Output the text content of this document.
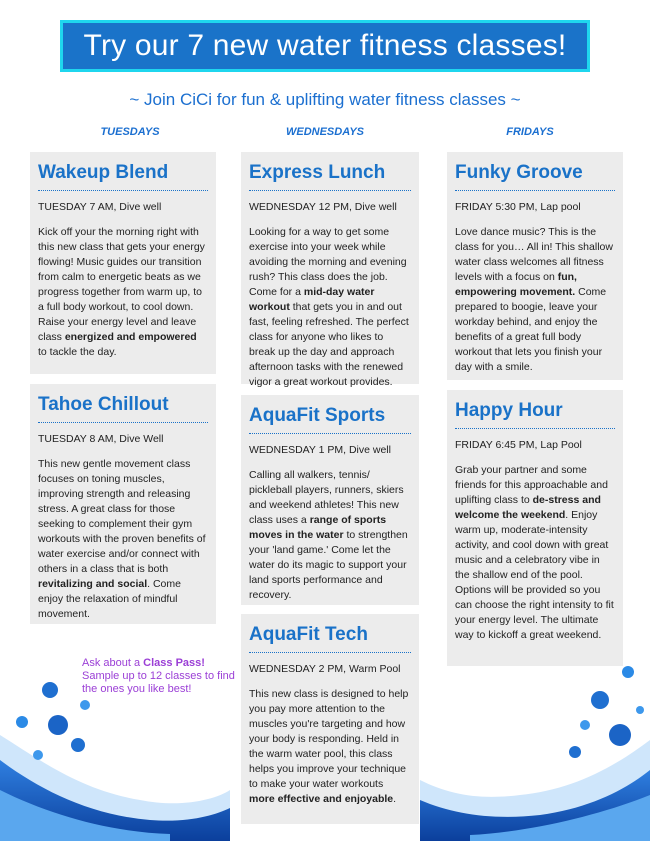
Try our 7 new water fitness classes!
~ Join CiCi for fun & uplifting water fitness classes ~
TUESDAYS	WEDNESDAYS	FRIDAYS
Wakeup Blend
TUESDAY 7 AM, Dive well
Kick off your the morning right with this new class that gets your energy flowing! Music guides our transition from calm to energetic beats as we progress together from warm up, to a full body workout, to cool down. Raise your energy level and leave class energized and empowered to tackle the day.
Tahoe Chillout
TUESDAY 8 AM, Dive Well
This new gentle movement class focuses on toning muscles, improving strength and releasing stress. A great class for those seeking to complement their gym workouts with the proven benefits of water exercise and/or connect with others in a class that is both revitalizing and social. Come enjoy the relaxation of mindful movement.
Express Lunch
WEDNESDAY 12 PM, Dive well
Looking for a way to get some exercise into your week while avoiding the morning and evening rush? This class does the job. Come for a mid-day water workout that gets you in and out fast, feeling refreshed. The perfect class for anyone who likes to break up the day and approach afternoon tasks with the renewed vigor a great workout provides.
AquaFit Sports
WEDNESDAY 1 PM, Dive well
Calling all walkers, tennis/ pickleball players, runners, skiers and weekend athletes! This new class uses a range of sports moves in the water to strengthen your 'land game.' Come let the water do its magic to support your land sports performance and recovery.
AquaFit Tech
WEDNESDAY 2 PM, Warm Pool
This new class is designed to help you pay more attention to the muscles you're targeting and how your body is responding. Held in the warm water pool, this class helps you improve your technique to make your water workouts more effective and enjoyable.
Funky Groove
FRIDAY 5:30 PM, Lap pool
Love dance music? This is the class for you… All in! This shallow water class welcomes all fitness levels with a focus on fun, empowering movement. Come prepared to boogie, leave your workday behind, and enjoy the benefits of a great full body workout that lets you finish your day with a smile.
Happy Hour
FRIDAY 6:45 PM, Lap Pool
Grab your partner and some friends for this approachable and uplifting class to de-stress and welcome the weekend. Enjoy warm up, moderate-intensity activity, and cool down with great music and a celebratory vibe in the shallow end of the pool. Options will be provided so you can choose the right intensity to fit your energy level. The ultimate way to kickoff a great weekend.
Ask about a Class Pass! Sample up to 12 classes to find the ones you like best!
